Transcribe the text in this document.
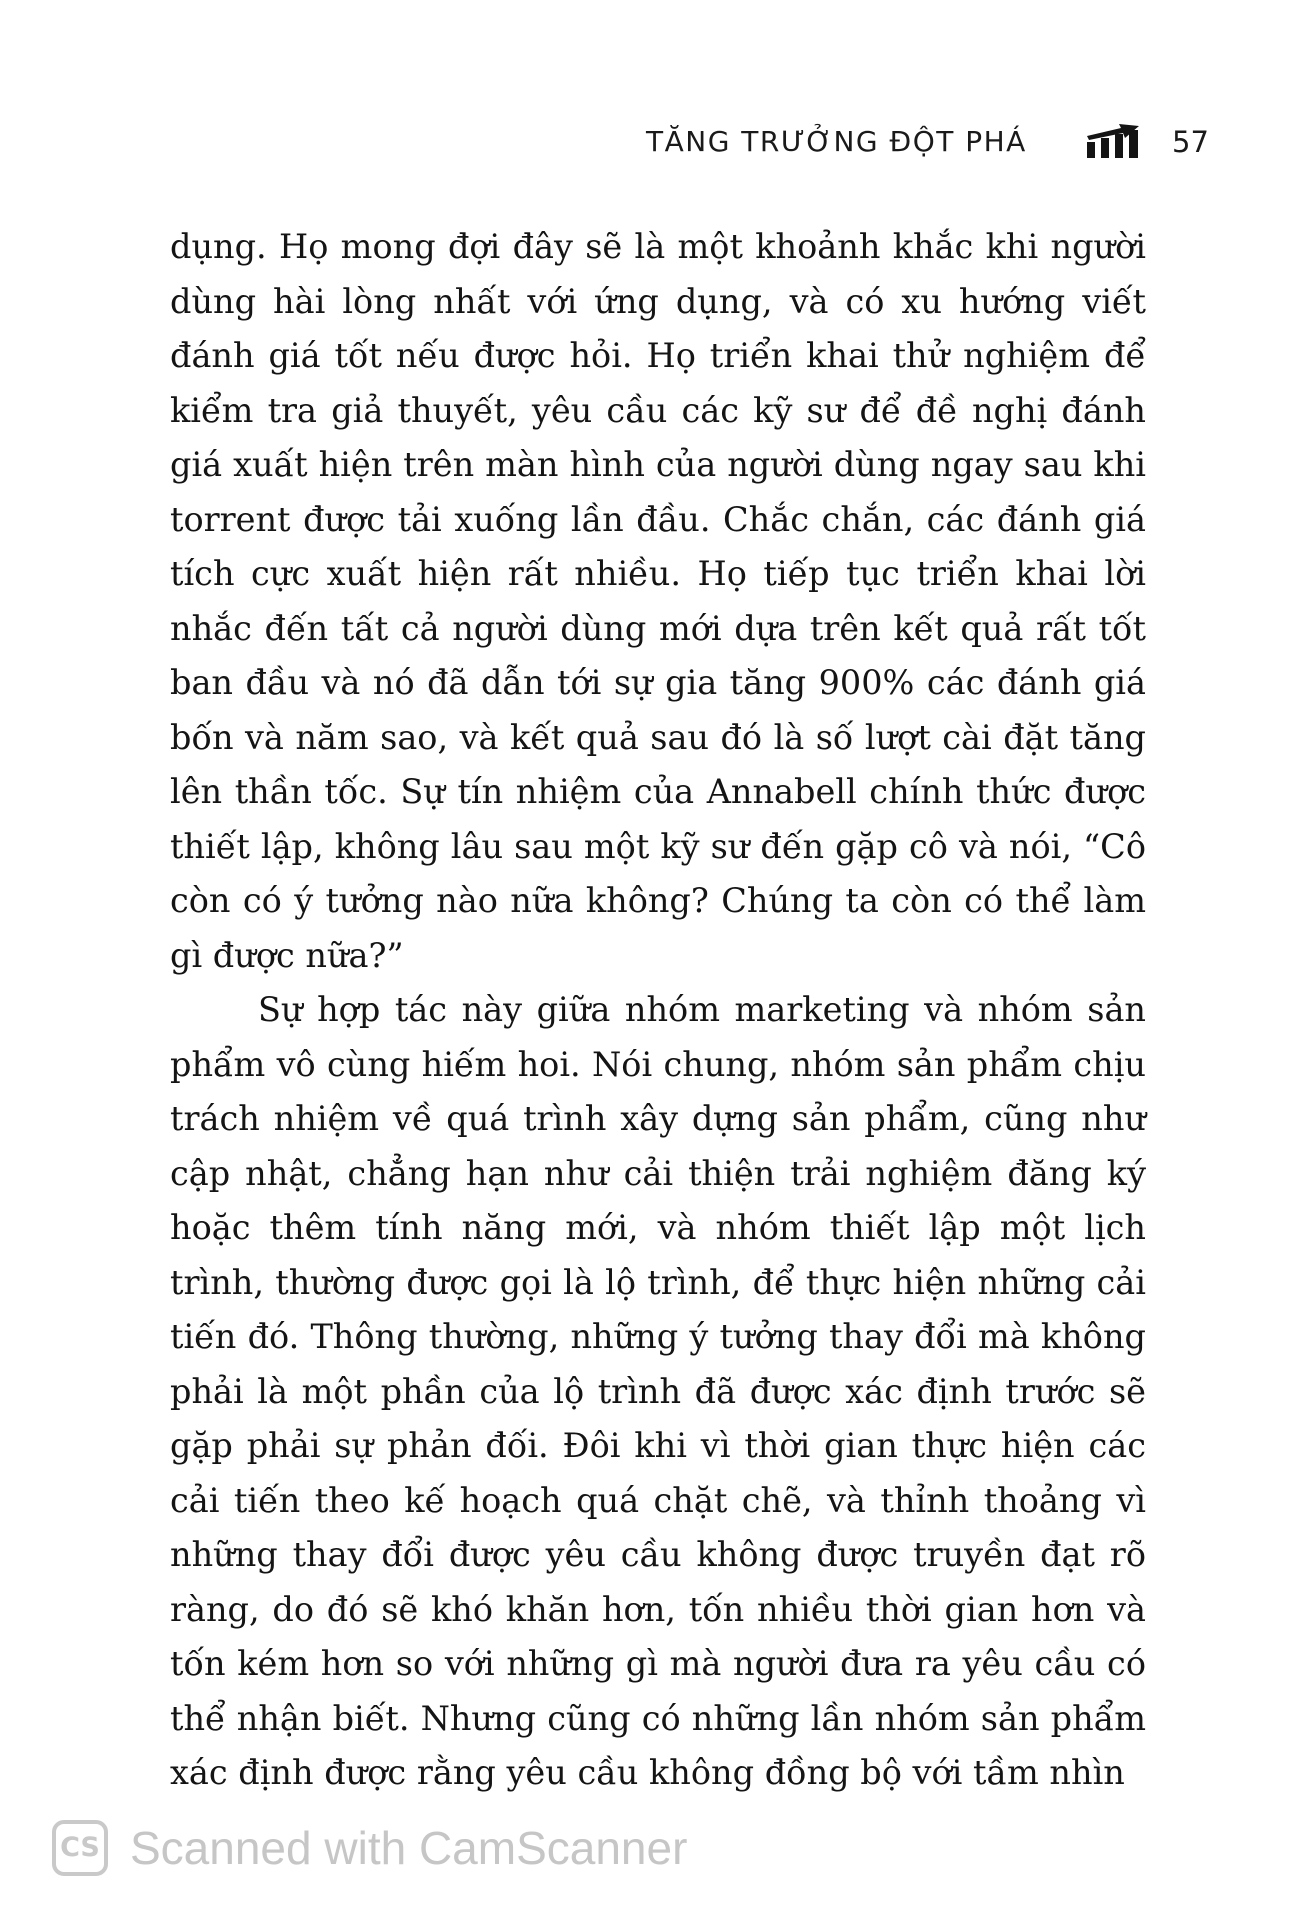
TĂNG TRƯỞNG ĐỘT PHÁ	57

dụng. Họ mong đợi đây sẽ là một khoảnh khắc khi người dùng hài lòng nhất với ứng dụng, và có xu hướng viết đánh giá tốt nếu được hỏi. Họ triển khai thử nghiệm để kiểm tra giả thuyết, yêu cầu các kỹ sư để đề nghị đánh giá xuất hiện trên màn hình của người dùng ngay sau khi torrent được tải xuống lần đầu. Chắc chắn, các đánh giá tích cực xuất hiện rất nhiều. Họ tiếp tục triển khai lời nhắc đến tất cả người dùng mới dựa trên kết quả rất tốt ban đầu và nó đã dẫn tới sự gia tăng 900% các đánh giá bốn và năm sao, và kết quả sau đó là số lượt cài đặt tăng lên thần tốc. Sự tín nhiệm của Annabell chính thức được thiết lập, không lâu sau một kỹ sư đến gặp cô và nói, “Cô còn có ý tưởng nào nữa không? Chúng ta còn có thể làm gì được nữa?”

Sự hợp tác này giữa nhóm marketing và nhóm sản phẩm vô cùng hiếm hoi. Nói chung, nhóm sản phẩm chịu trách nhiệm về quá trình xây dựng sản phẩm, cũng như cập nhật, chẳng hạn như cải thiện trải nghiệm đăng ký hoặc thêm tính năng mới, và nhóm thiết lập một lịch trình, thường được gọi là lộ trình, để thực hiện những cải tiến đó. Thông thường, những ý tưởng thay đổi mà không phải là một phần của lộ trình đã được xác định trước sẽ gặp phải sự phản đối. Đôi khi vì thời gian thực hiện các cải tiến theo kế hoạch quá chặt chẽ, và thỉnh thoảng vì những thay đổi được yêu cầu không được truyền đạt rõ ràng, do đó sẽ khó khăn hơn, tốn nhiều thời gian hơn và tốn kém hơn so với những gì mà người đưa ra yêu cầu có thể nhận biết. Nhưng cũng có những lần nhóm sản phẩm xác định được rằng yêu cầu không đồng bộ với tầm nhìn

CS Scanned with CamScanner
